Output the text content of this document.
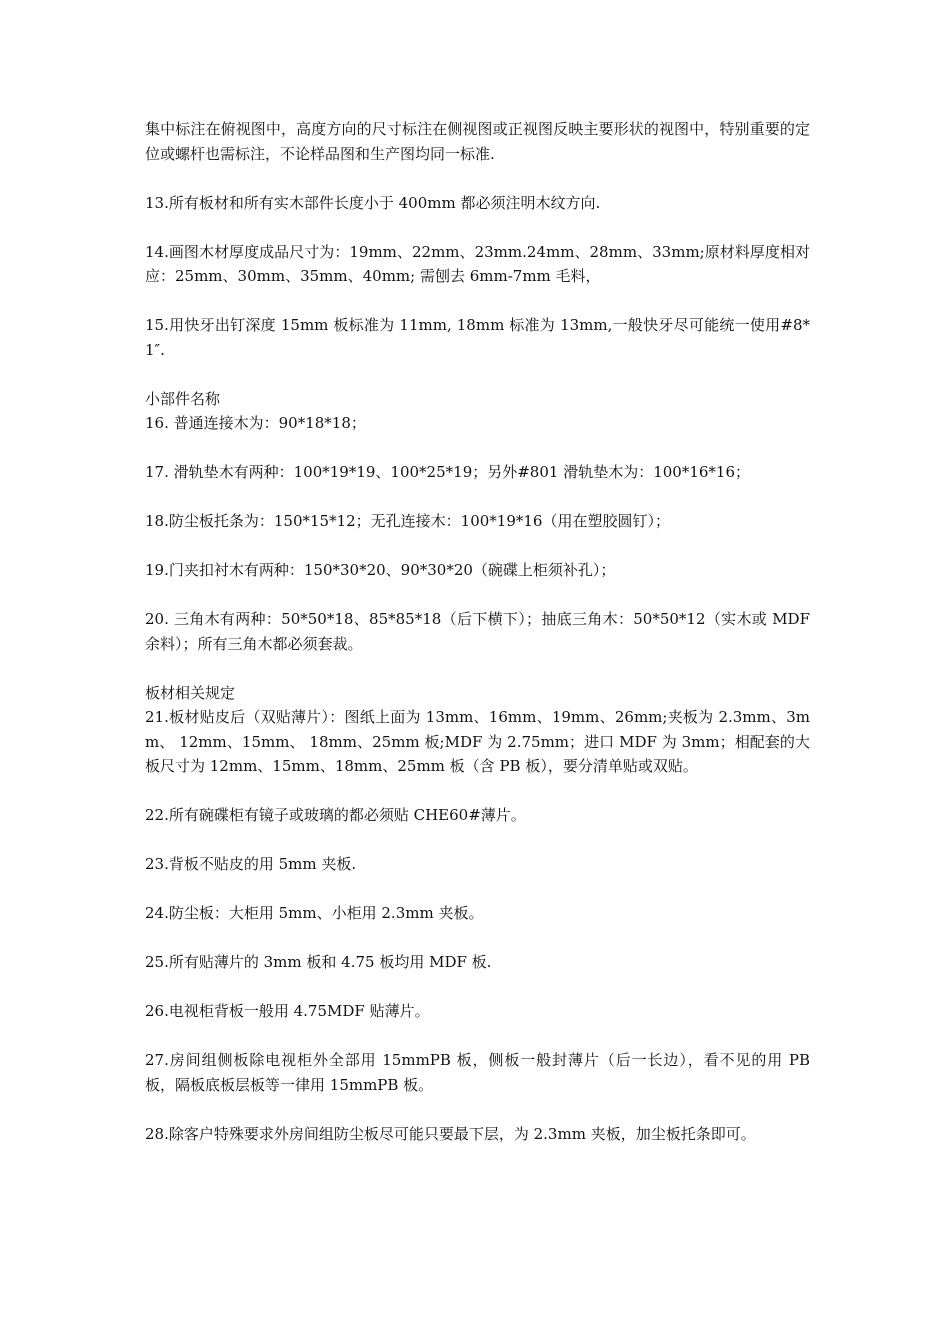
集中标注在俯视图中，高度方向的尺寸标注在侧视图或正视图反映主要形状的视图中，特别重要的定位或螺杆也需标注，不论样品图和生产图均同一标准.

13.所有板材和所有实木部件长度小于 400mm 都必须注明木纹方向.

14.画图木材厚度成品尺寸为：19mm、22mm、23mm.24mm、28mm、33mm;原材料厚度相对应：25mm、30mm、35mm、40mm; 需刨去 6mm-7mm 毛料，

15.用快牙出钉深度 15mm 板标准为 11mm, 18mm 标准为 13mm,一般快牙尽可能统一使用#8*1″.

小部件名称

16. 普通连接木为：90*18*18；

17. 滑轨垫木有两种：100*19*19、100*25*19；另外#801 滑轨垫木为：100*16*16；

18.防尘板托条为：150*15*12；无孔连接木：100*19*16（用在塑胶圆钉）；

19.门夹扣衬木有两种：150*30*20、90*30*20（碗碟上柜须补孔）；

20. 三角木有两种：50*50*18、85*85*18（后下横下）；抽底三角木：50*50*12（实木或 MDF 余料）；所有三角木都必须套裁。

板材相关规定

21.板材贴皮后（双贴薄片）：图纸上面为 13mm、16mm、19mm、26mm;夹板为 2.3mm、3mm、 12mm、15mm、 18mm、25mm 板;MDF 为 2.75mm；进口 MDF 为 3mm；相配套的大板尺寸为 12mm、15mm、18mm、25mm 板（含 PB 板），要分清单贴或双贴。

22.所有碗碟柜有镜子或玻璃的都必须贴 CHE60#薄片。

23.背板不贴皮的用 5mm 夹板.

24.防尘板：大柜用 5mm、小柜用 2.3mm 夹板。

25.所有贴薄片的 3mm 板和 4.75 板均用 MDF 板.

26.电视柜背板一般用 4.75MDF 贴薄片。

27.房间组侧板除电视柜外全部用 15mmPB 板，侧板一般封薄片（后一长边），看不见的用 PB 板，隔板底板层板等一律用 15mmPB 板。

28.除客户特殊要求外房间组防尘板尽可能只要最下层，为 2.3mm 夹板，加尘板托条即可。
